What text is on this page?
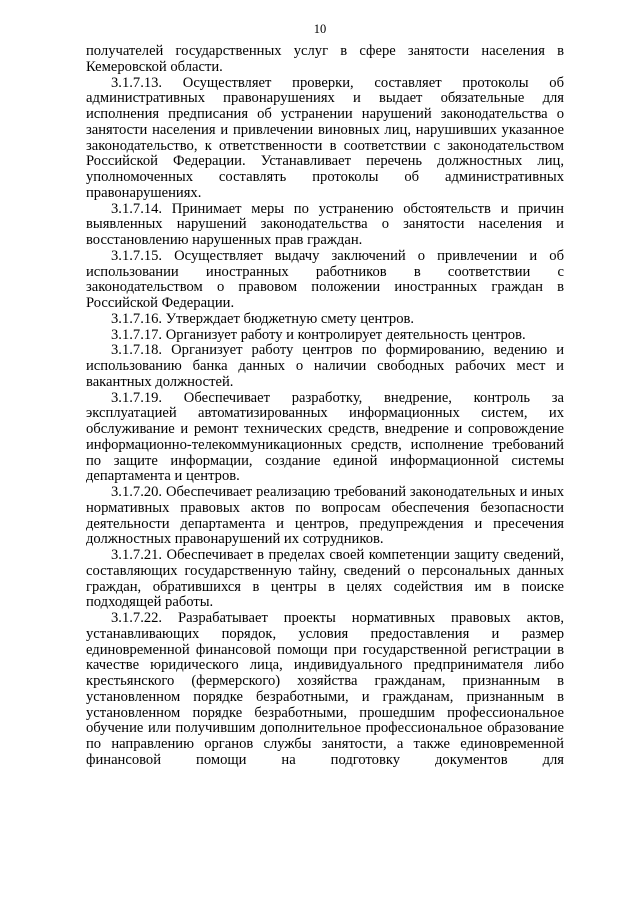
10

получателей государственных услуг в сфере занятости населения в Кемеровской области.

3.1.7.13. Осуществляет проверки, составляет протоколы об административных правонарушениях и выдает обязательные для исполнения предписания об устранении нарушений законодательства о занятости населения и привлечении виновных лиц, нарушивших указанное законодательство, к ответственности в соответствии с законодательством Российской Федерации. Устанавливает перечень должностных лиц, уполномоченных составлять протоколы об административных правонарушениях.

3.1.7.14. Принимает меры по устранению обстоятельств и причин выявленных нарушений законодательства о занятости населения и восстановлению нарушенных прав граждан.

3.1.7.15. Осуществляет выдачу заключений о привлечении и об использовании иностранных работников в соответствии с законодательством о правовом положении иностранных граждан в Российской Федерации.

3.1.7.16. Утверждает бюджетную смету центров.

3.1.7.17. Организует работу и контролирует деятельность центров.

3.1.7.18. Организует работу центров по формированию, ведению и использованию банка данных о наличии свободных рабочих мест и вакантных должностей.

3.1.7.19. Обеспечивает разработку, внедрение, контроль за эксплуатацией автоматизированных информационных систем, их обслуживание и ремонт технических средств, внедрение и сопровождение информационно-телекоммуникационных средств, исполнение требований по защите информации, создание единой информационной системы департамента и центров.

3.1.7.20. Обеспечивает реализацию требований законодательных и иных нормативных правовых актов по вопросам обеспечения безопасности деятельности департамента и центров, предупреждения и пресечения должностных правонарушений их сотрудников.

3.1.7.21. Обеспечивает в пределах своей компетенции защиту сведений, составляющих государственную тайну, сведений о персональных данных граждан, обратившихся в центры в целях содействия им в поиске подходящей работы.

3.1.7.22. Разрабатывает проекты нормативных правовых актов, устанавливающих порядок, условия предоставления и размер единовременной финансовой помощи при государственной регистрации в качестве юридического лица, индивидуального предпринимателя либо крестьянского (фермерского) хозяйства гражданам, признанным в установленном порядке безработными, и гражданам, признанным в установленном порядке безработными, прошедшим профессиональное обучение или получившим дополнительное профессиональное образование по направлению органов службы занятости, а также единовременной финансовой помощи на подготовку документов для
